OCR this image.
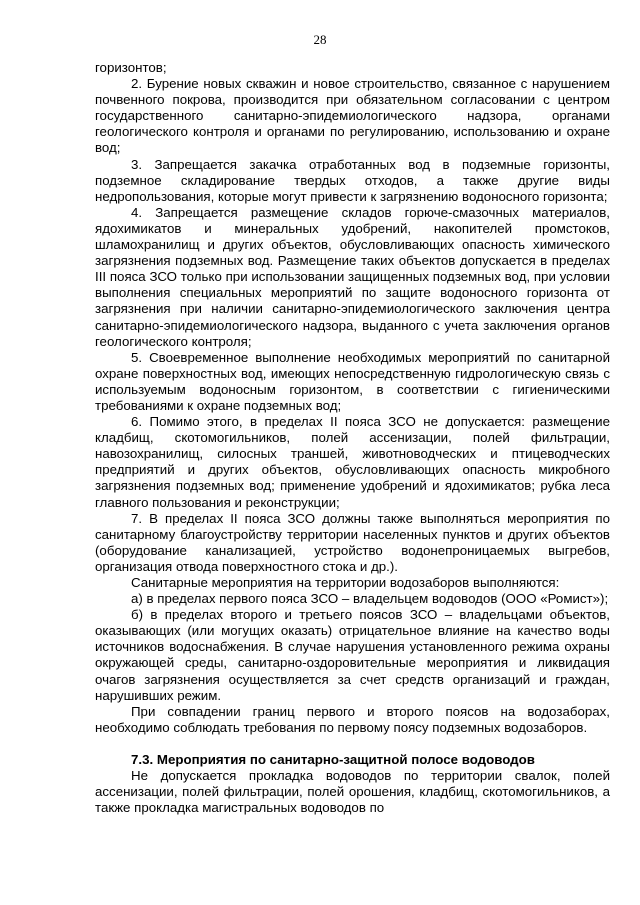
28

горизонтов;

2. Бурение новых скважин и новое строительство, связанное с нарушением почвенного покрова, производится при обязательном согласовании с центром государственного санитарно-эпидемиологического надзора, органами геологического контроля и органами по регулированию, использованию и охране вод;

3. Запрещается закачка отработанных вод в подземные горизонты, подземное складирование твердых отходов, а также другие виды недропользования, которые могут привести к загрязнению водоносного горизонта;

4. Запрещается размещение складов горюче-смазочных материалов, ядохимикатов и минеральных удобрений, накопителей промстоков, шламохранилищ и других объектов, обусловливающих опасность химического загрязнения подземных вод. Размещение таких объектов допускается в пределах III пояса ЗСО только при использовании защищенных подземных вод, при условии выполнения специальных мероприятий по защите водоносного горизонта от загрязнения при наличии санитарно-эпидемиологического заключения центра санитарно-эпидемиологического надзора, выданного с учета заключения органов геологического контроля;

5. Своевременное выполнение необходимых мероприятий по санитарной охране поверхностных вод, имеющих непосредственную гидрологическую связь с используемым водоносным горизонтом, в соответствии с гигиеническими требованиями к охране подземных вод;

6. Помимо этого, в пределах II пояса ЗСО не допускается: размещение кладбищ, скотомогильников, полей ассенизации, полей фильтрации, навозохранилищ, силосных траншей, животноводческих и птицеводческих предприятий и других объектов, обусловливающих опасность микробного загрязнения подземных вод; применение удобрений и ядохимикатов; рубка леса главного пользования и реконструкции;

7. В пределах II пояса ЗСО должны также выполняться мероприятия по санитарному благоустройству территории населенных пунктов и других объектов (оборудование канализацией, устройство водонепроницаемых выгребов, организация отвода поверхностного стока и др.).

Санитарные мероприятия на территории водозаборов выполняются:

а) в пределах первого пояса ЗСО – владельцем водоводов (ООО «Ромист»);

б) в пределах второго и третьего поясов ЗСО – владельцами объектов, оказывающих (или могущих оказать) отрицательное влияние на качество воды источников водоснабжения. В случае нарушения установленного режима охраны окружающей среды, санитарно-оздоровительные мероприятия и ликвидация очагов загрязнения осуществляется за счет средств организаций и граждан, нарушивших режим.

При совпадении границ первого и второго поясов на водозаборах, необходимо соблюдать требования по первому поясу подземных водозаборов.

7.3. Мероприятия по санитарно-защитной полосе водоводов

Не допускается прокладка водоводов по территории свалок, полей ассенизации, полей фильтрации, полей орошения, кладбищ, скотомогильников, а также прокладка магистральных водоводов по
